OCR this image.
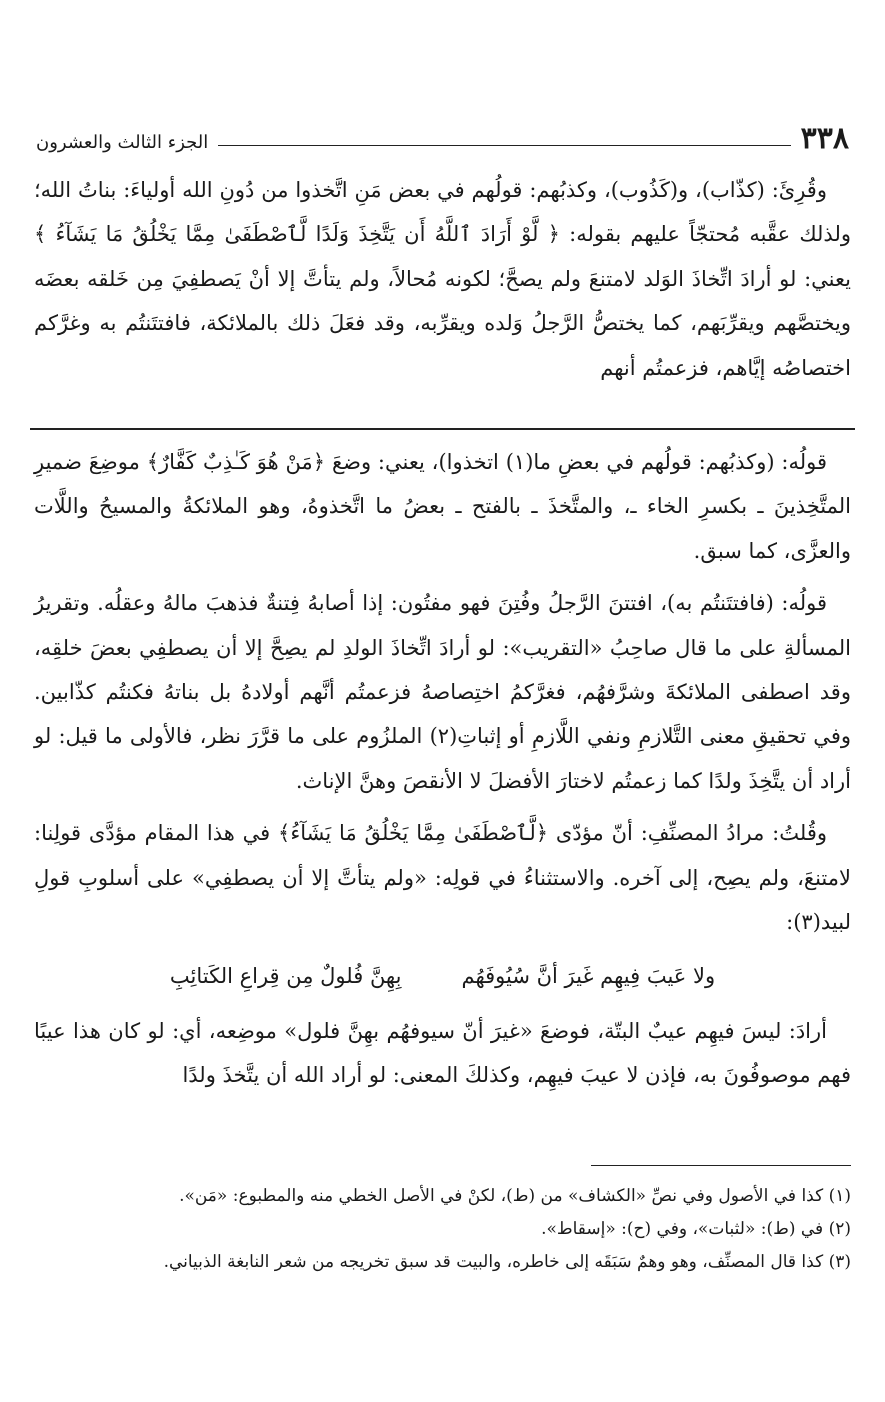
٣٣٨
الجزء الثالث والعشرون

وقُرِئَ: (كذّاب)، و(كَذُوب)، وكذبُهم: قولُهم في بعض مَنِ اتَّخذوا من دُونِ الله أولياءَ: بناتُ الله؛ ولذلك عقَّبه مُحتجّاً عليهم بقوله: ﴿ لَّوْ أَرَادَ ٱللَّهُ أَن يَتَّخِذَ وَلَدًا لَّٱصْطَفَىٰ مِمَّا يَخْلُقُ مَا يَشَآءُ ﴾ يعني: لو أرادَ اتِّخاذَ الوَلد لامتنعَ ولم يصحَّ؛ لكونه مُحالاً، ولم يتأتَّ إلا أنْ يَصطفِيَ مِن خَلقه بعضَه ويختصَّهم ويقرِّبَهم، كما يختصُّ الرَّجلُ وَلده ويقرِّبه، وقد فعَلَ ذلك بالملائكة، فافتتَنتُم به وغرَّكم اختصاصُه إيَّاهم، فزعمتُم أنهم

قولُه: (وكذبُهم: قولُهم في بعضِ ما(١) اتخذوا)، يعني: وضعَ ﴿مَنْ هُوَ كَـٰذِبٌ كَفَّارٌ﴾ موضِعَ ضميرِ المتَّخِذينَ ـ بكسرِ الخاء ـ، والمتَّخذَ ـ بالفتح ـ بعضُ ما اتَّخذوهُ، وهو الملائكةُ والمسيحُ واللَّات والعزَّى، كما سبق.

قولُه: (فافتتَنتُم به)، افتتنَ الرَّجلُ وفُتِنَ فهو مفتُون: إذا أصابهُ فِتنةٌ فذهبَ مالهُ وعقلُه. وتقريرُ المسألةِ على ما قال صاحِبُ «التقريب»: لو أرادَ اتِّخاذَ الولدِ لم يصِحَّ إلا أن يصطفِي بعضَ خلقِه، وقد اصطفى الملائكةَ وشرَّفهُم، فغرَّكمُ اختِصاصهُ فزعمتُم أنَّهم أولادهُ بل بناتهُ فكنتُم كذّابين. وفي تحقيقِ معنى التَّلازمِ ونفي اللَّازمِ أو إثباتِ(٢) الملزُوم على ما قرَّرَ نظر، فالأولى ما قيل: لو أراد أن يتَّخِذَ ولدًا كما زعمتُم لاختارَ الأفضلَ لا الأنقصَ وهنَّ الإناث.

وقُلتُ: مرادُ المصنِّفِ: أنّ مؤدّى ﴿لَّٱصْطَفَىٰ مِمَّا يَخْلُقُ مَا يَشَآءُ﴾ في هذا المقام مؤدَّى قولِنا: لامتنعَ، ولم يصِح، إلى آخره. والاستثناءُ في قولِه: «ولم يتأتَّ إلا أن يصطفِي» على أسلوبِ قولِ لبيد(٣):

ولا عَيبَ فِيهِم غَيرَ أنَّ سُيُوفَهُم
بِهِنَّ فُلولٌ مِن قِراعِ الكَتائِبِ

أرادَ: ليسَ فيهِم عيبٌ البتّة، فوضعَ «غيرَ أنّ سيوفهُم بهِنَّ فلول» موضِعه، أي: لو كان هذا عيبًا فهم موصوفُونَ به، فإذن لا عيبَ فيهِم، وكذلكَ المعنى: لو أراد الله أن يتَّخذَ ولدًا

(١) كذا في الأصول وفي نصِّ «الكشاف» من (ط)، لكنْ في الأصل الخطي منه والمطبوع: «مَن».

(٢) في (ط): «لثبات»، وفي (ح): «إسقاط».

(٣) كذا قال المصنِّف، وهو وهمٌ سَبَقَه إلى خاطره، والبيت قد سبق تخريجه من شعر النابغة الذبياني.
